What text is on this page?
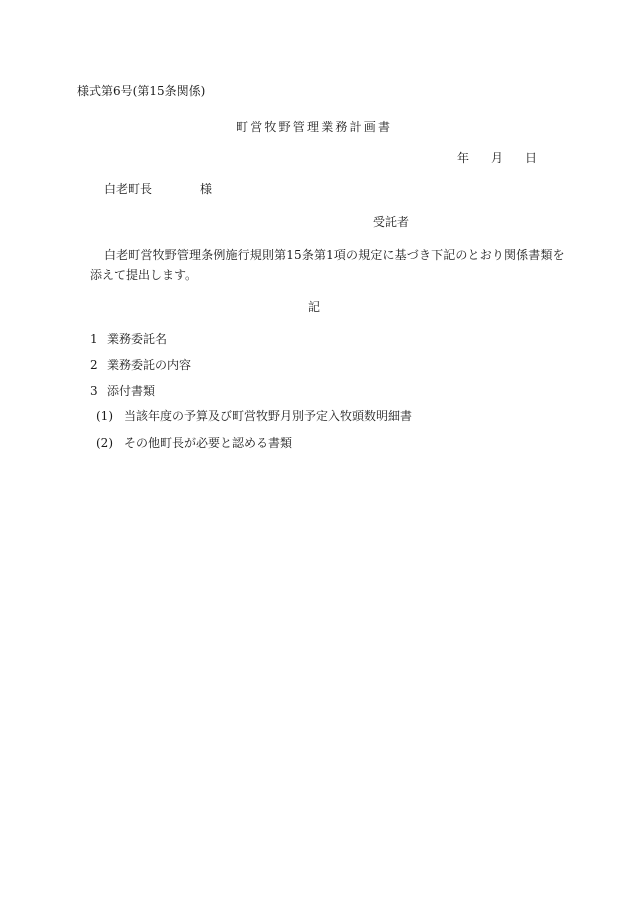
様式第6号(第15条関係)
町営牧野管理業務計画書
年 月 日
白老町長	様
受託者
白老町営牧野管理条例施行規則第15条第1項の規定に基づき下記のとおり関係書類を
添えて提出します。
記
1 業務委託名
2 業務委託の内容
3 添付書類
(1) 当該年度の予算及び町営牧野月別予定入牧頭数明細書
(2) その他町長が必要と認める書類
